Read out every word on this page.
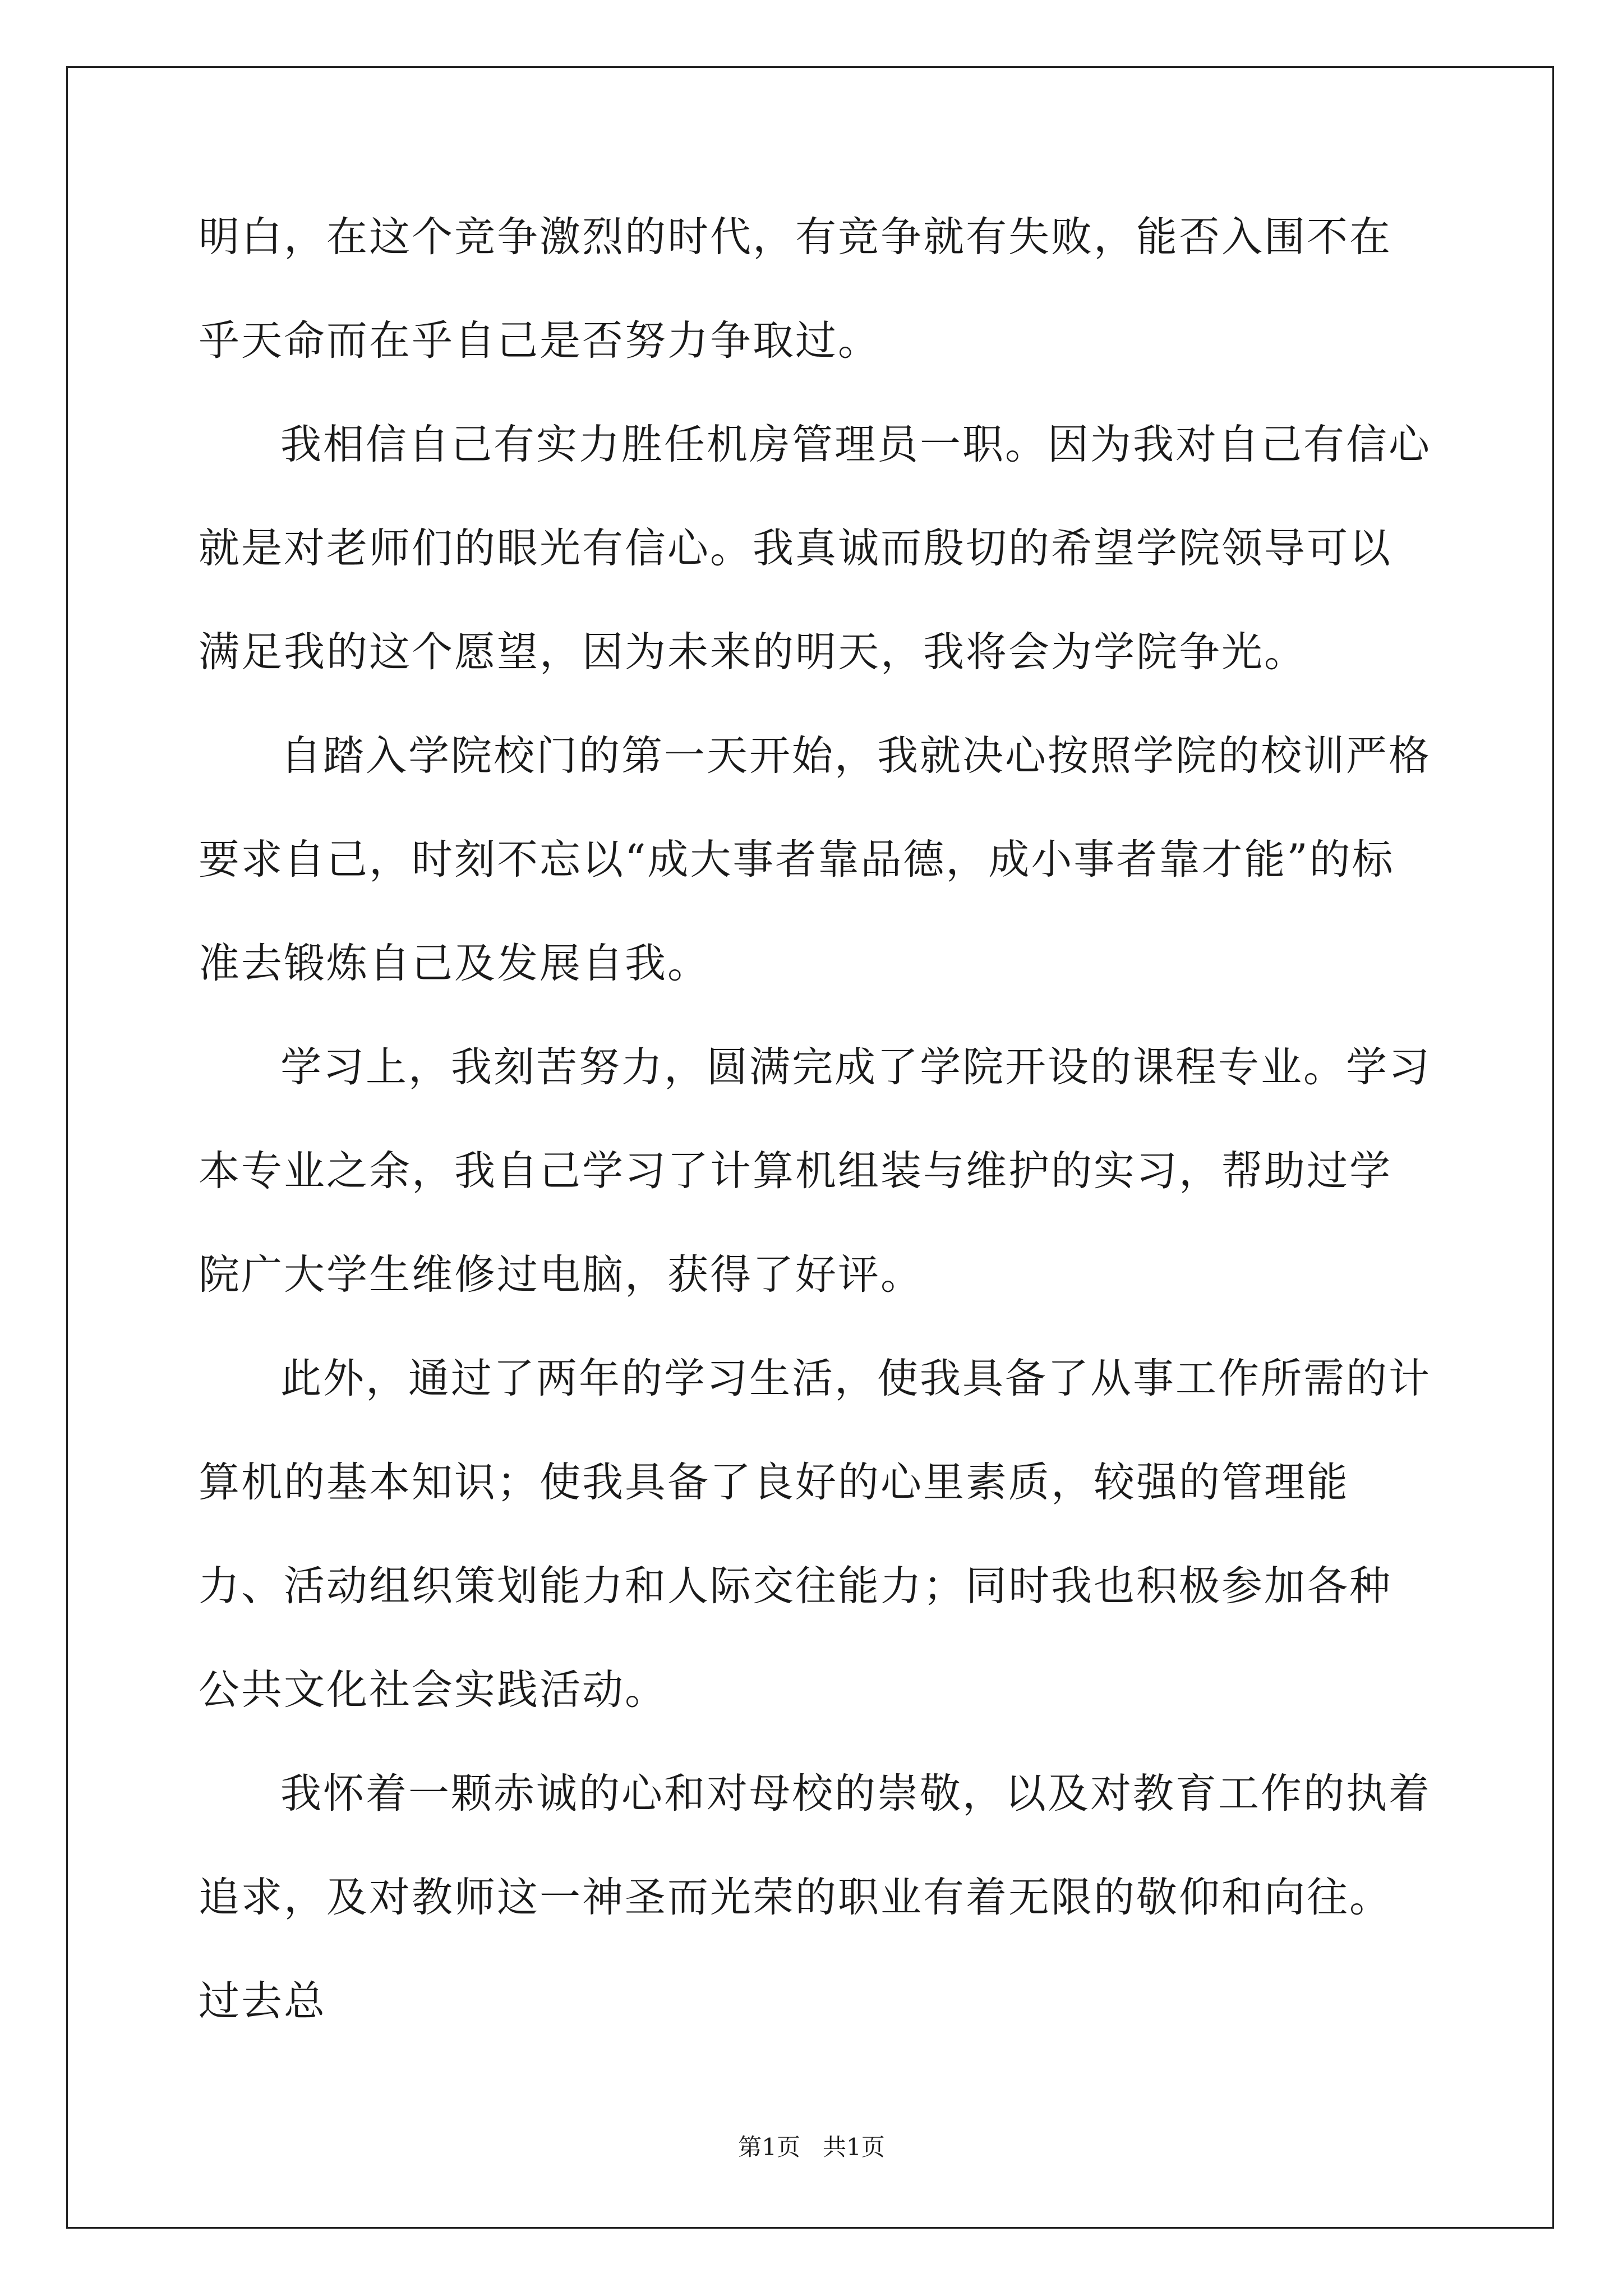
明白，在这个竞争激烈的时代，有竞争就有失败，能否入围不在乎天命而在乎自己是否努力争取过。

我相信自己有实力胜任机房管理员一职。因为我对自己有信心就是对老师们的眼光有信心。我真诚而殷切的希望学院领导可以满足我的这个愿望，因为未来的明天，我将会为学院争光。

自踏入学院校门的第一天开始，我就决心按照学院的校训严格要求自己，时刻不忘以“成大事者靠品德，成小事者靠才能”的标准去锻炼自己及发展自我。

学习上，我刻苦努力，圆满完成了学院开设的课程专业。学习本专业之余，我自己学习了计算机组装与维护的实习，帮助过学院广大学生维修过电脑，获得了好评。

此外，通过了两年的学习生活，使我具备了从事工作所需的计算机的基本知识；使我具备了良好的心里素质，较强的管理能力、活动组织策划能力和人际交往能力；同时我也积极参加各种公共文化社会实践活动。

我怀着一颗赤诚的心和对母校的崇敬，以及对教育工作的执着追求，及对教师这一神圣而光荣的职业有着无限的敬仰和向往。过去总

第1页   共1页
